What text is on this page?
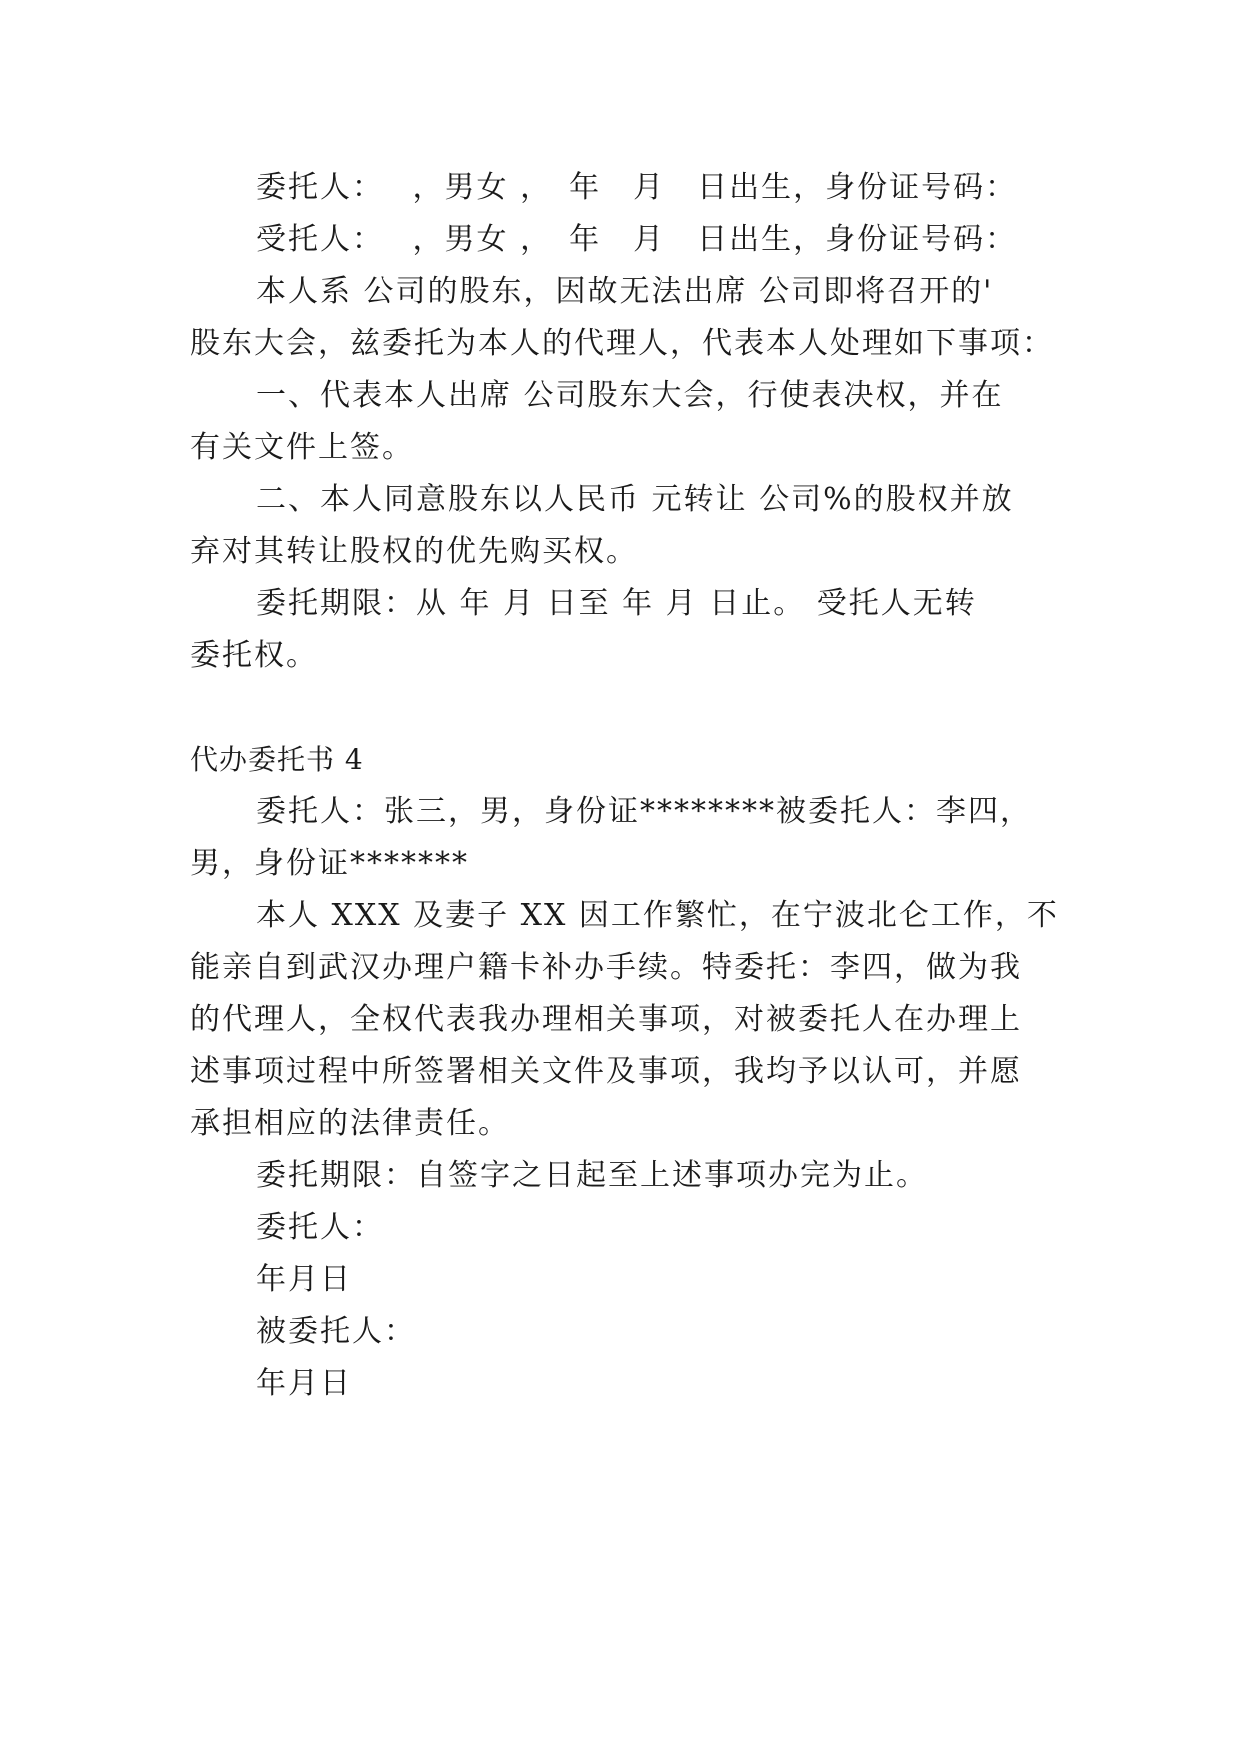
委托人：　 ，男女 ，　年　月　日出生，身份证号码：
受托人：　 ，男女 ，　年　月　日出生，身份证号码：
本人系 公司的股东，因故无法出席 公司即将召开的'
股东大会，兹委托为本人的代理人，代表本人处理如下事项：
一、代表本人出席 公司股东大会，行使表决权，并在
有关文件上签。
二、本人同意股东以人民币 元转让 公司%的股权并放
弃对其转让股权的优先购买权。
委托期限：从 年 月 日至 年 月 日止。 受托人无转
委托权。
代办委托书 4
委托人：张三，男，身份证********被委托人：李四，
男，身份证*******
本人 XXX 及妻子 XX 因工作繁忙，在宁波北仑工作，不
能亲自到武汉办理户籍卡补办手续。特委托：李四，做为我
的代理人，全权代表我办理相关事项，对被委托人在办理上
述事项过程中所签署相关文件及事项，我均予以认可，并愿
承担相应的法律责任。
委托期限：自签字之日起至上述事项办完为止。
委托人：
年月日
被委托人：
年月日
